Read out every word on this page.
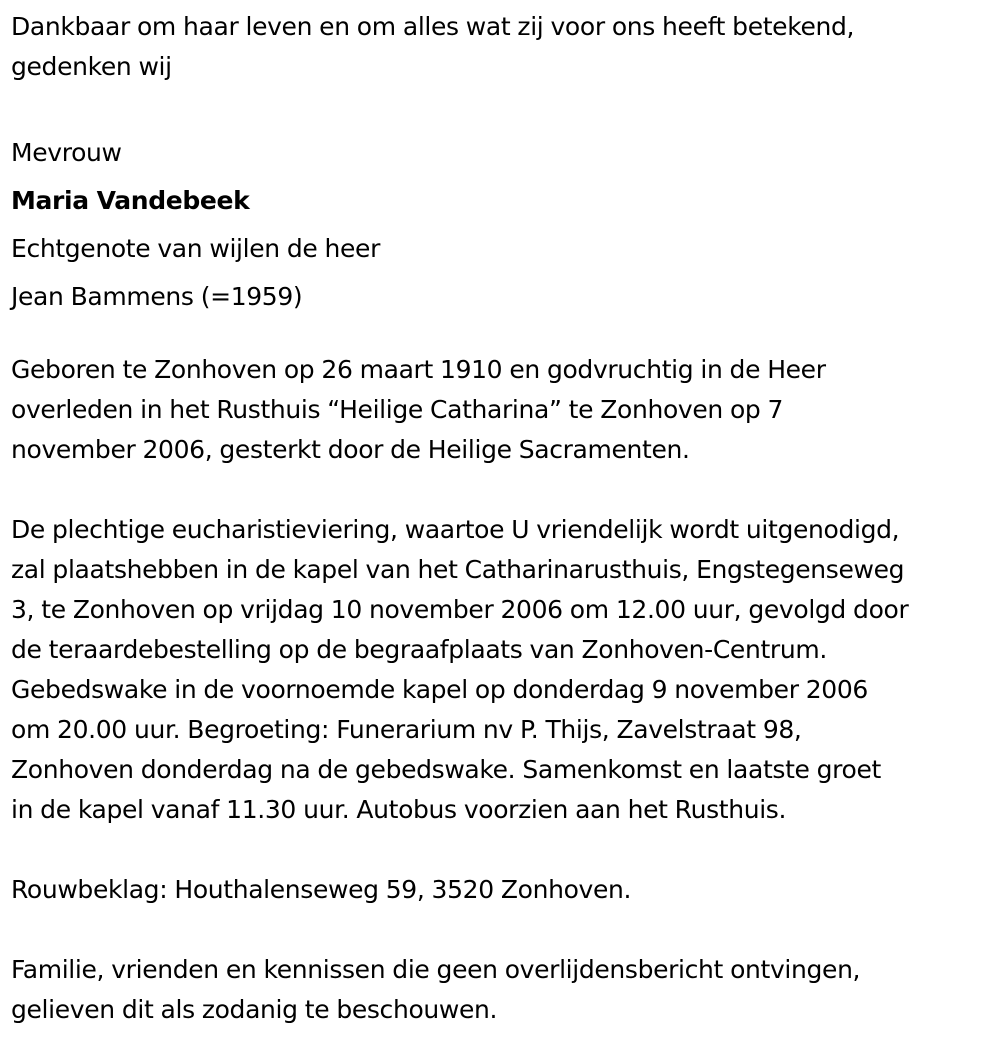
Dankbaar om haar leven en om alles wat zij voor ons heeft betekend,
gedenken wij
Mevrouw
Maria Vandebeek
Echtgenote van wijlen de heer
Jean Bammens (=1959)
Geboren te Zonhoven op 26 maart 1910 en godvruchtig in de Heer
overleden in het Rusthuis “Heilige Catharina” te Zonhoven op 7
november 2006, gesterkt door de Heilige Sacramenten.
De plechtige eucharistieviering, waartoe U vriendelijk wordt uitgenodigd,
zal plaatshebben in de kapel van het Catharinarusthuis, Engstegenseweg
3, te Zonhoven op vrijdag 10 november 2006 om 12.00 uur, gevolgd door
de teraardebestelling op de begraafplaats van Zonhoven-Centrum.
Gebedswake in de voornoemde kapel op donderdag 9 november 2006
om 20.00 uur. Begroeting: Funerarium nv P. Thijs, Zavelstraat 98,
Zonhoven donderdag na de gebedswake. Samenkomst en laatste groet
in de kapel vanaf 11.30 uur. Autobus voorzien aan het Rusthuis.
Rouwbeklag: Houthalenseweg 59, 3520 Zonhoven.
Familie, vrienden en kennissen die geen overlijdensbericht ontvingen,
gelieven dit als zodanig te beschouwen.
